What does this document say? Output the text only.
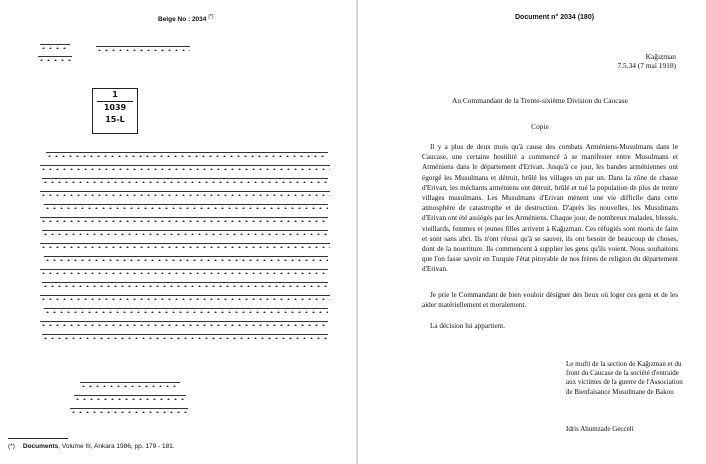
Belge No : 2034 (*)
1
1039
15-L
(*) Documents, Volume III, Ankara 1986, pp. 179 - 181.
Document n° 2034 (180)
Kağızman
7.5.34 (7 mai 1918)
Au Commandant de la Trente-sixième Division du Caucase
Copie

Il y a plus de deux mois qu'à cause des combats Arméniens-Musulmans dans le Caucase, une certaine hostilité a commencé à se manifester entre Musulmans et Arméniens dans le département d'Erivan. Jusqu'à ce jour, les bandes arméniennes ont égorgé les Musulmans et détruit, brûlé les villages un par un. Dans la zône de chasse d'Erivan, les méchants arméniens ont détruit, brûlé et tué la population de plus de trente villages musulmans. Les Musulmans d'Erivan mènent une vie difficile dans cette atmosphère de catastrophe et de destruction. D'après les nouvelles, les Musulmans d'Erivan ont été assiégés par les Arméniens. Chaque jour, de nombreux malades, blessés, vieillards, femmes et jeunes filles arrivent à Kağızman. Ces réfugiés sont morts de faim et sont sans abri. Ils n'ont réussi qu'à se sauver, ils ont besoin de beaucoup de choses, dont de la nourriture. Ils commencent à supplier les gens qu'ils voient. Nous souhaitons que l'on fasse savoir en Turquie l'état pitoyable de nos frères de religion du département d'Erivan.

Je prie le Commandant de bien vouloir désigner des lieux où loger ces gens et de les aider matériellement et moralement.

La décision lui appartient.

Le mufti de la section de Kağızman et du front du Caucase de la société d'entraide aux victimes de la guerre de l'Association de Bienfaisance Musulmane de Bakou

Idris Ahumzade Gecceli
